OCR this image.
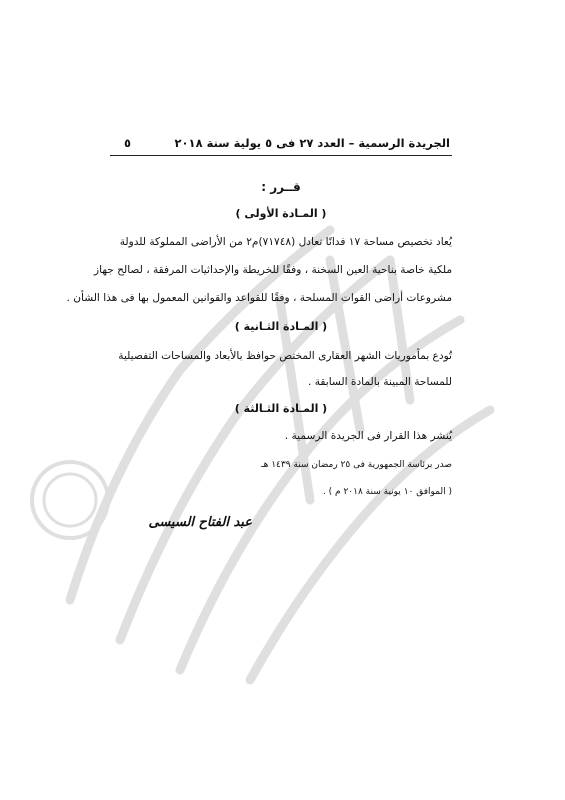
الجريدة الرسمية – العدد ٢٧ فى ٥ يولية سنة ٢٠١٨
٥
قــرر :
( المـادة الأولى )
يُعاد تخصيص مساحة ١٧ فدانًا تعادل (٧١٧٤٨)م٢ من الأراضى المملوكة للدولة
ملكية خاصة بناحية العين السخنة ، وفقًا للخريطة والإحداثيات المرفقة ، لصالح جهاز
مشروعات أراضى القوات المسلحة ، وفقًا للقواعد والقوانين المعمول بها فى هذا الشأن .
( المـادة الثـانية )
تُودع بمأموريات الشهر العقارى المختص حوافظ بالأبعاد والمساحات التفصيلية
للمساحة المبينة بالمادة السابقة .
( المـادة الثـالثة )
يُنشر هذا القرار فى الجريدة الرسمية .
صدر برئاسة الجمهورية فى ٢٥ رمضان سنة ١٤٣٩ هـ
( الموافق ١٠ يونية سنة ٢٠١٨ م ) .
عبد الفتاح السيسى
